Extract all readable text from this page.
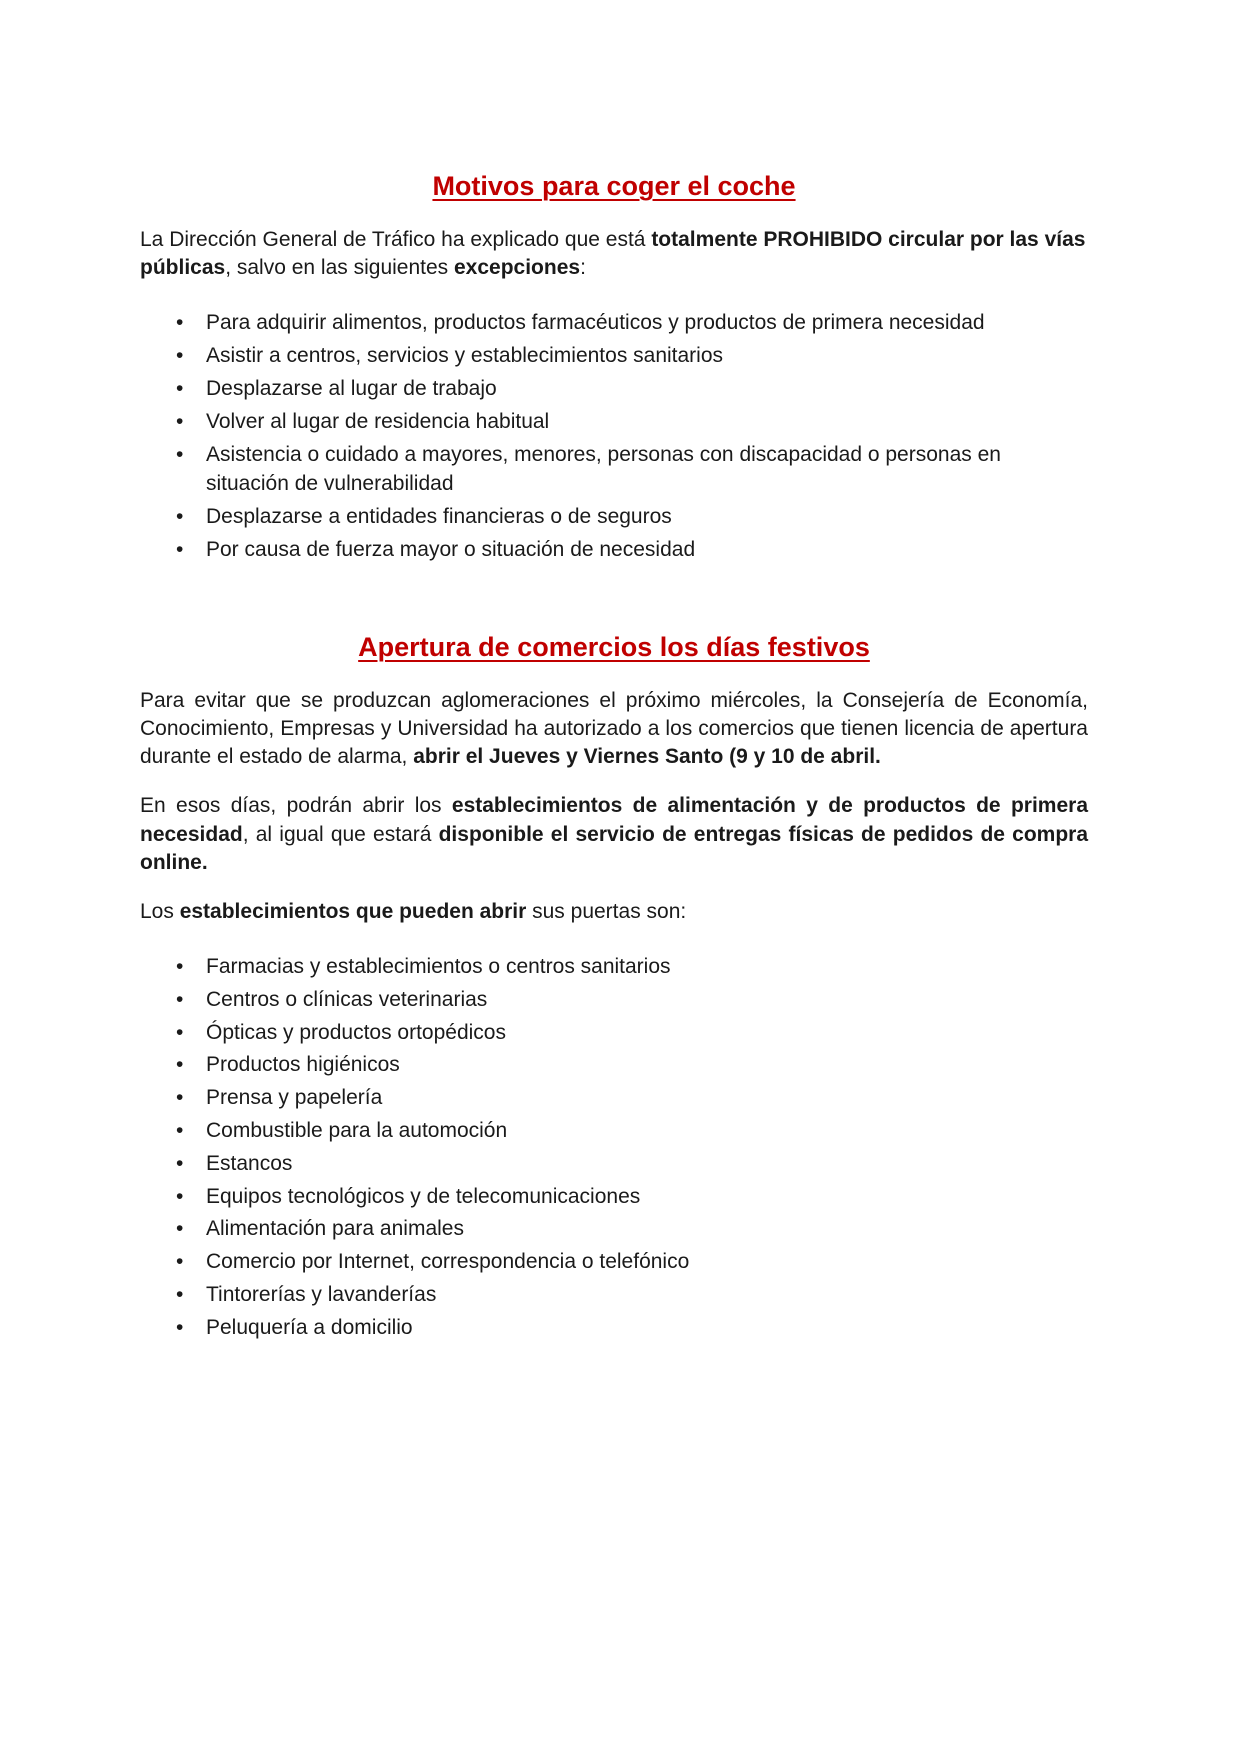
Motivos para coger el coche

La Dirección General de Tráfico ha explicado que está totalmente PROHIBIDO circular por las vías públicas, salvo en las siguientes excepciones:

• Para adquirir alimentos, productos farmacéuticos y productos de primera necesidad
• Asistir a centros, servicios y establecimientos sanitarios
• Desplazarse al lugar de trabajo
• Volver al lugar de residencia habitual
• Asistencia o cuidado a mayores, menores, personas con discapacidad o personas en situación de vulnerabilidad
• Desplazarse a entidades financieras o de seguros
• Por causa de fuerza mayor o situación de necesidad
Apertura de comercios los días festivos

Para evitar que se produzcan aglomeraciones el próximo miércoles, la Consejería de Economía, Conocimiento, Empresas y Universidad ha autorizado a los comercios que tienen licencia de apertura durante el estado de alarma, abrir el Jueves y Viernes Santo (9 y 10 de abril.

En esos días, podrán abrir los establecimientos de alimentación y de productos de primera necesidad, al igual que estará disponible el servicio de entregas físicas de pedidos de compra online.

Los establecimientos que pueden abrir sus puertas son:

• Farmacias y establecimientos o centros sanitarios
• Centros o clínicas veterinarias
• Ópticas y productos ortopédicos
• Productos higiénicos
• Prensa y papelería
• Combustible para la automoción
• Estancos
• Equipos tecnológicos y de telecomunicaciones
• Alimentación para animales
• Comercio por Internet, correspondencia o telefónico
• Tintorerías y lavanderías
• Peluquería a domicilio
